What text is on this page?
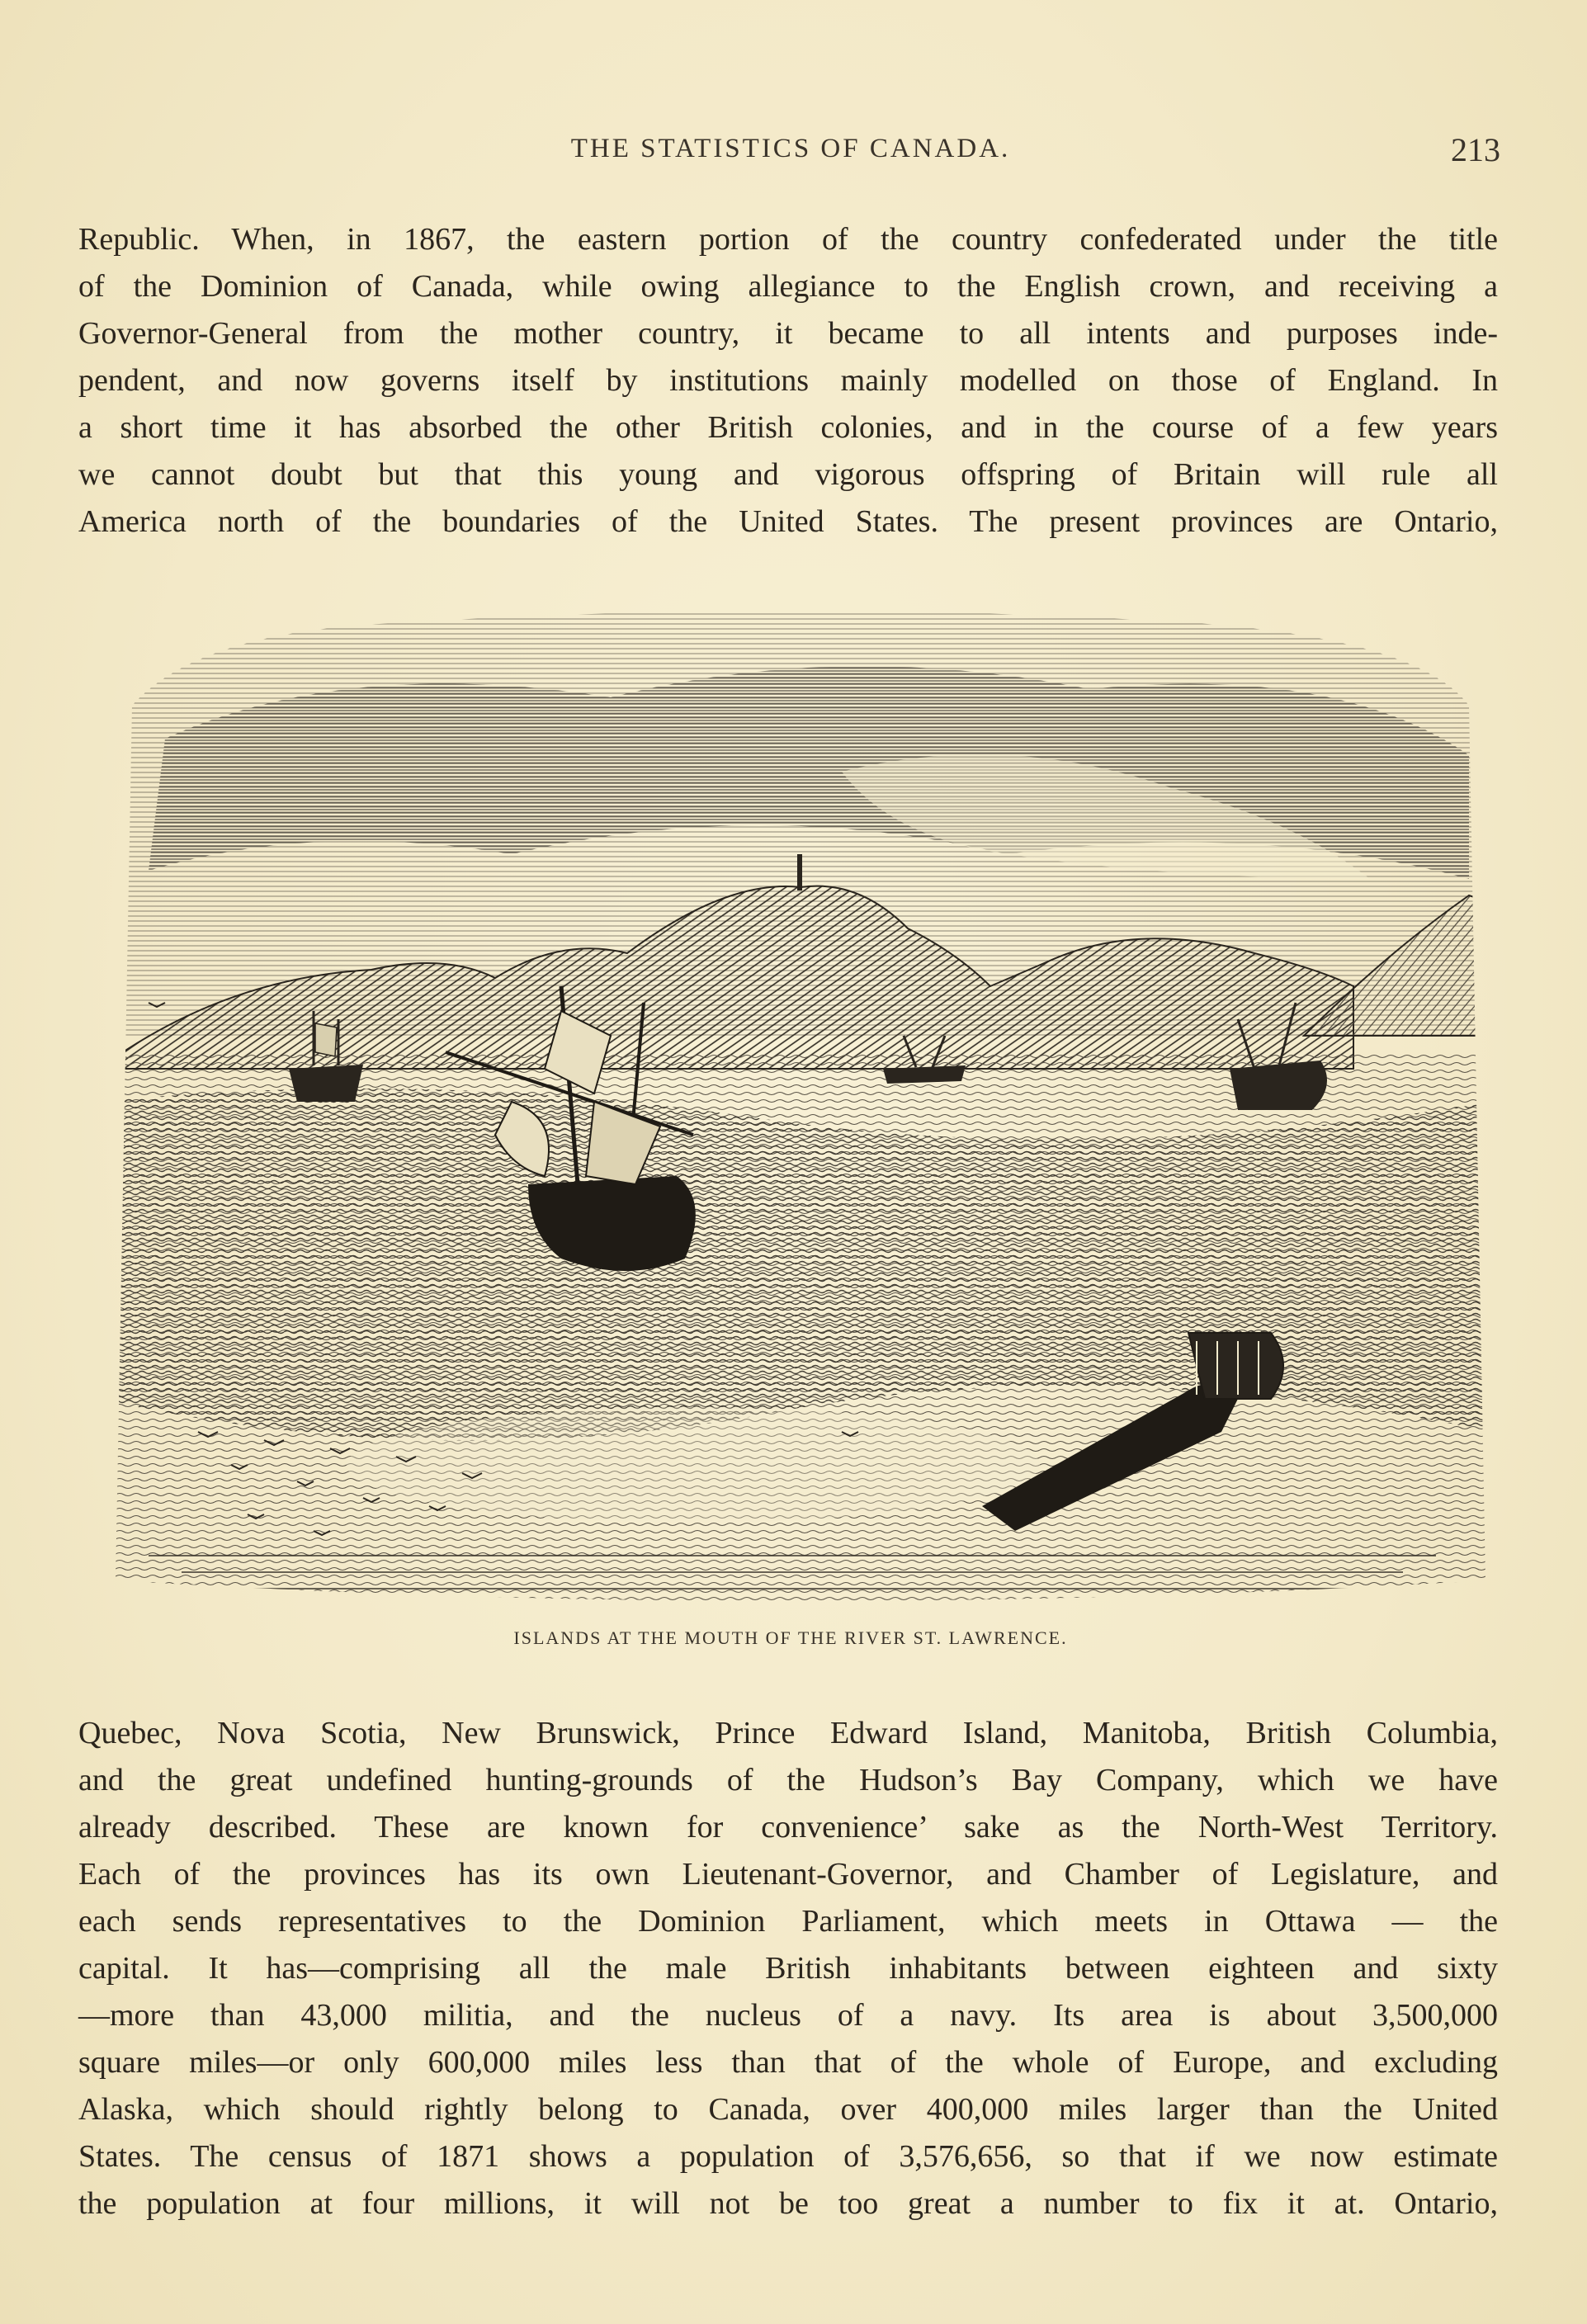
THE STATISTICS OF CANADA.	213
Republic. When, in 1867, the eastern portion of the country confederated under the title
of the Dominion of Canada, while owing allegiance to the English crown, and receiving a
Governor-General from the mother country, it became to all intents and purposes inde-
pendent, and now governs itself by institutions mainly modelled on those of England. In
a short time it has absorbed the other British colonies, and in the course of a few years
we cannot doubt but that this young and vigorous offspring of Britain will rule all
America north of the boundaries of the United States. The present provinces are Ontario,
ISLANDS AT THE MOUTH OF THE RIVER ST. LAWRENCE.
Quebec, Nova Scotia, New Brunswick, Prince Edward Island, Manitoba, British Columbia,
and the great undefined hunting-grounds of the Hudson’s Bay Company, which we have
already described. These are known for convenience’ sake as the North-West Territory.
Each of the provinces has its own Lieutenant-Governor, and Chamber of Legislature, and
each sends representatives to the Dominion Parliament, which meets in Ottawa — the
capital. It has—comprising all the male British inhabitants between eighteen and sixty
—more than 43,000 militia, and the nucleus of a navy. Its area is about 3,500,000
square miles—or only 600,000 miles less than that of the whole of Europe, and excluding
Alaska, which should rightly belong to Canada, over 400,000 miles larger than the United
States. The census of 1871 shows a population of 3,576,656, so that if we now estimate
the population at four millions, it will not be too great a number to fix it at. Ontario,
